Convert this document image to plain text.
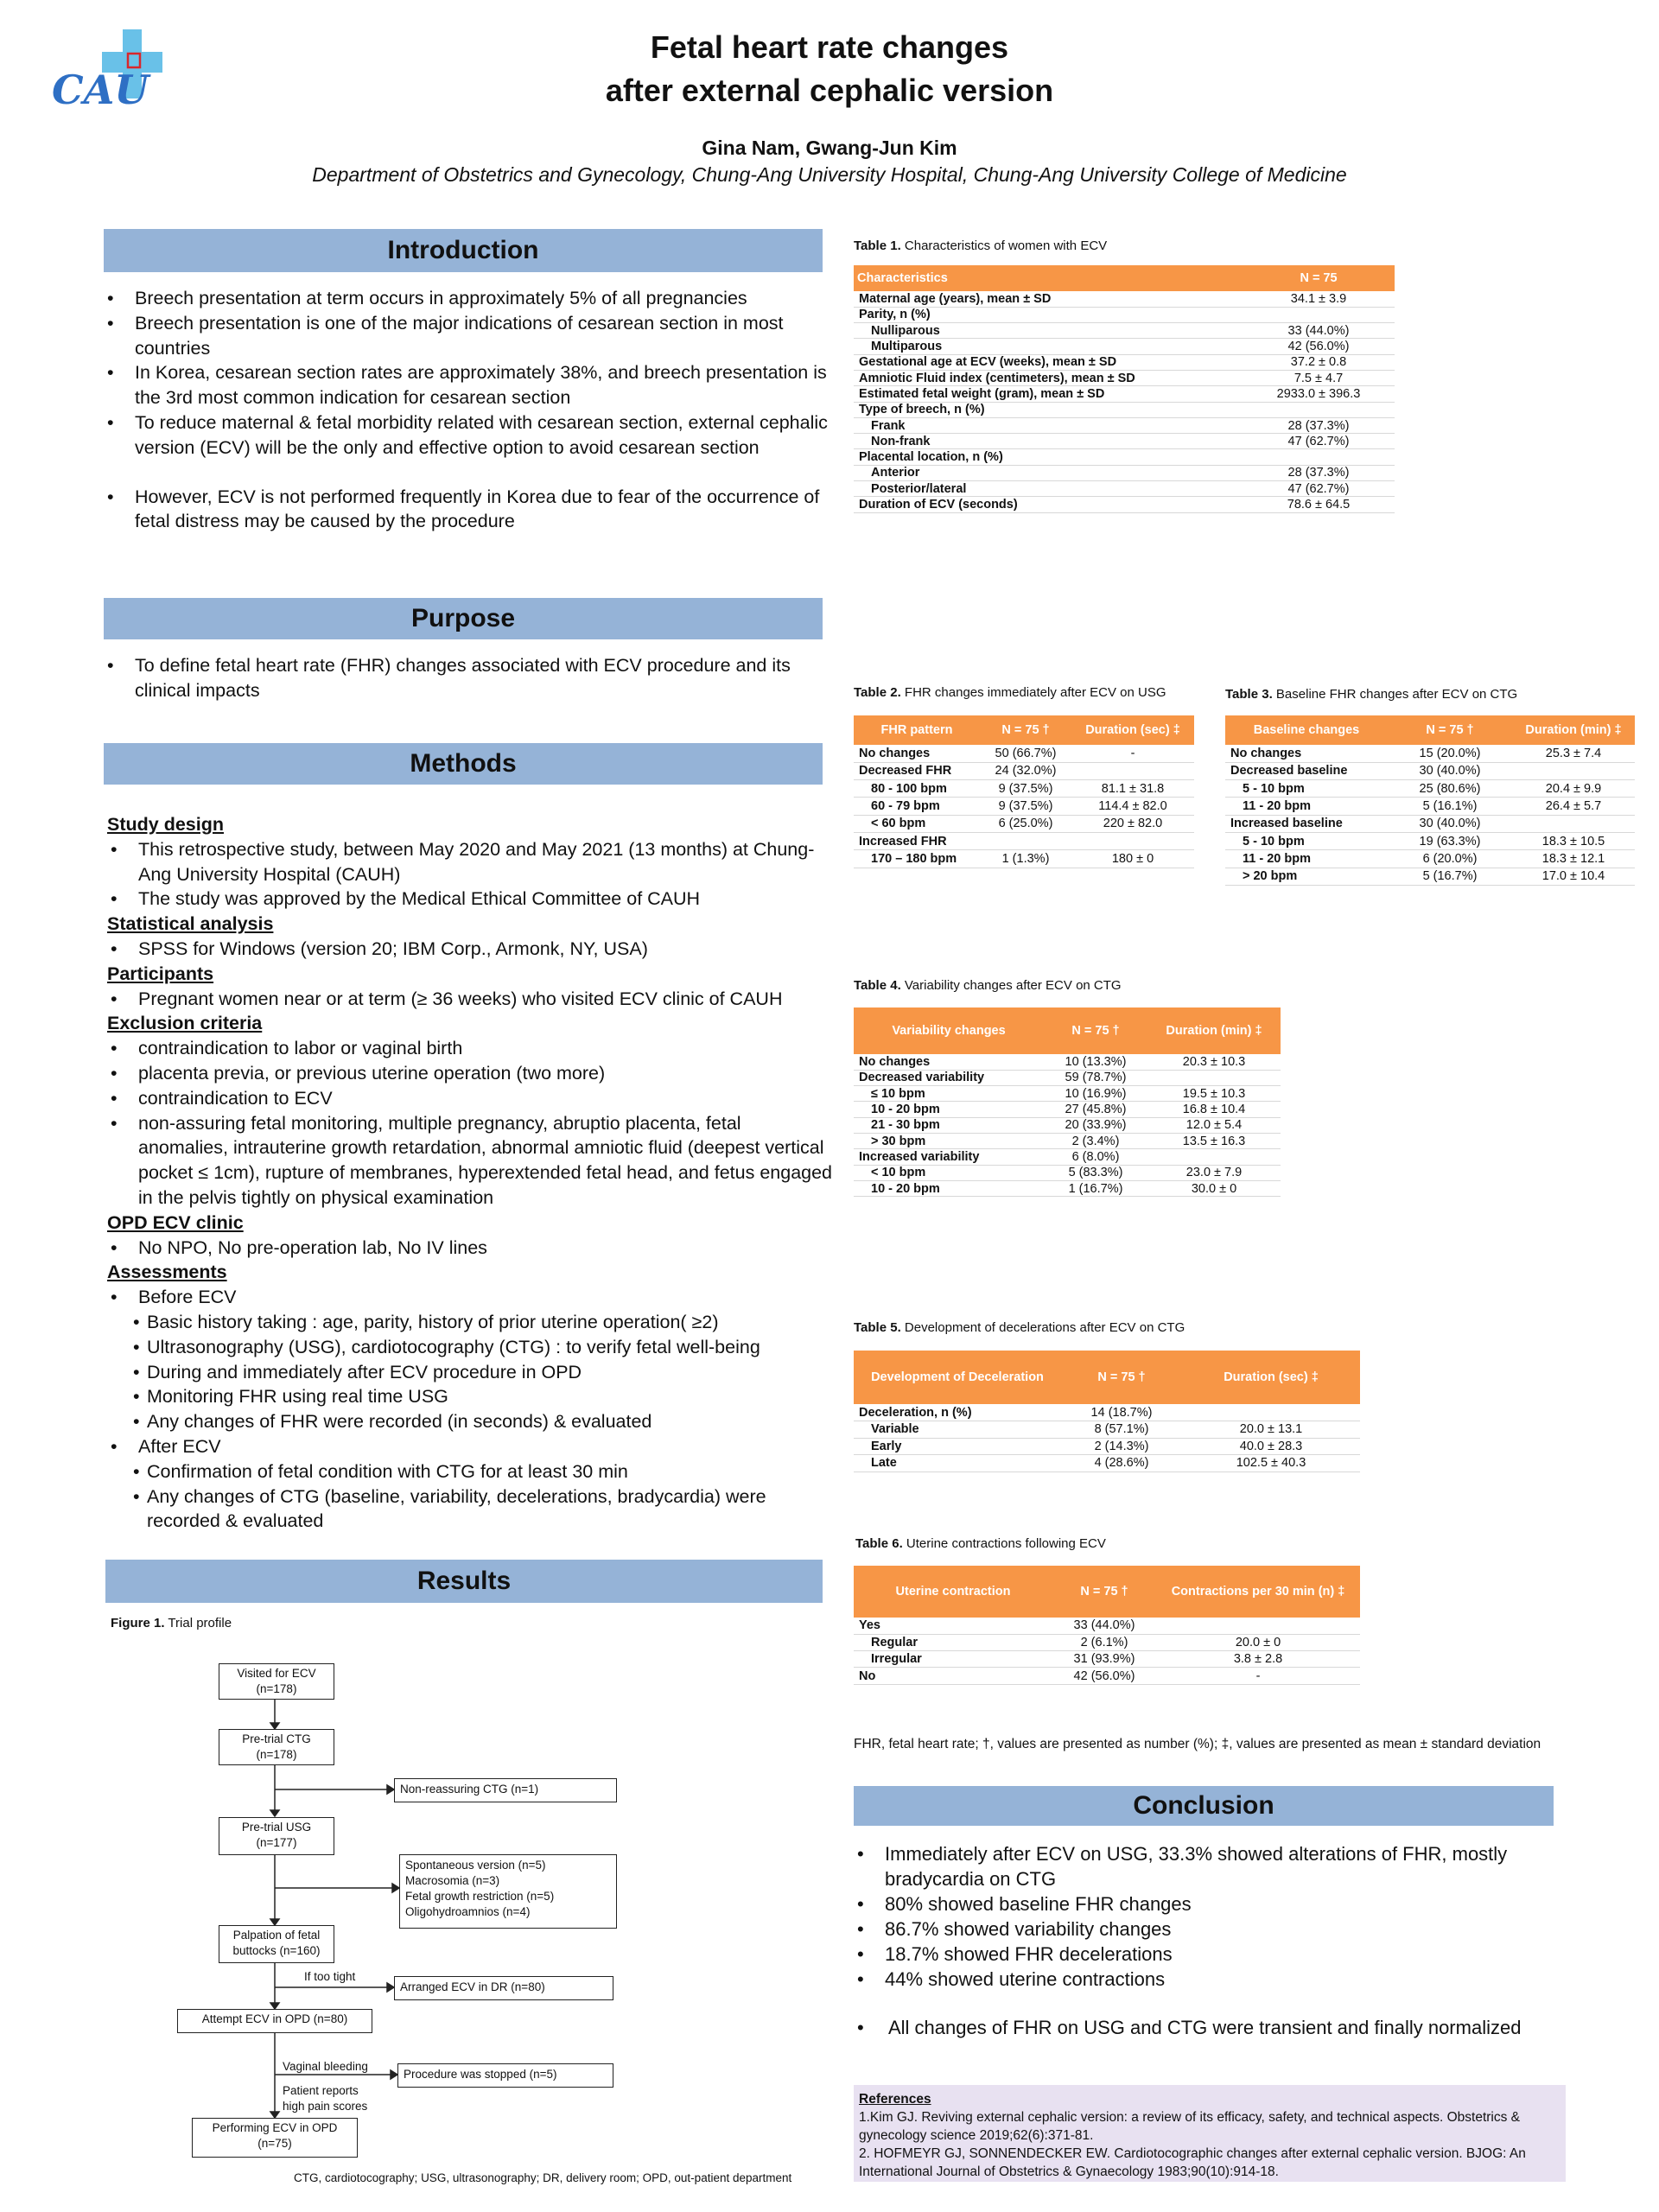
CAU
Fetal heart rate changes
after external cephalic version
Gina Nam, Gwang-Jun Kim
Department of Obstetrics and Gynecology, Chung-Ang University Hospital, Chung-Ang University College of Medicine
Introduction
• Breech presentation at term occurs in approximately 5% of all pregnancies
• Breech presentation is one of the major indications of cesarean section in most countries
• In Korea, cesarean section rates are approximately 38%, and breech presentation is the 3rd most common indication for cesarean section
• To reduce maternal & fetal morbidity related with cesarean section, external cephalic version (ECV) will be the only and effective option to avoid cesarean section
• However, ECV is not performed frequently in Korea due to fear of the occurrence of fetal distress may be caused by the procedure
Purpose
• To define fetal heart rate (FHR) changes associated with ECV procedure and its clinical impacts
Methods
Study design
• This retrospective study, between May 2020 and May 2021 (13 months) at Chung-Ang University Hospital (CAUH)
• The study was approved by the Medical Ethical Committee of CAUH
Statistical analysis
• SPSS for Windows (version 20; IBM Corp., Armonk, NY, USA)
Participants
• Pregnant women near or at term (≥ 36 weeks) who visited ECV clinic of CAUH
Exclusion criteria
• contraindication to labor or vaginal birth
• placenta previa, or previous uterine operation (two more)
• contraindication to ECV
• non-assuring fetal monitoring, multiple pregnancy, abruptio placenta, fetal anomalies, intrauterine growth retardation, abnormal amniotic fluid (deepest vertical pocket ≤ 1cm), rupture of membranes, hyperextended fetal head, and fetus engaged in the pelvis tightly on physical examination
OPD ECV clinic
• No NPO, No pre-operation lab, No IV lines
Assessments
• Before ECV
• Basic history taking : age, parity, history of prior uterine operation( ≥2)
• Ultrasonography (USG), cardiotocography (CTG) : to verify fetal well-being
• During and immediately after ECV procedure in OPD
• Monitoring FHR using real time USG
• Any changes of FHR were recorded (in seconds) & evaluated
• After ECV
• Confirmation of fetal condition with CTG for at least 30 min
• Any changes of CTG (baseline, variability, decelerations, bradycardia) were recorded & evaluated
Results
Figure 1. Trial profile
Visited for ECV
(n=178)
Pre-trial CTG
(n=178)
Non-reassuring CTG (n=1)
Pre-trial USG
(n=177)
Spontaneous version (n=5)
Macrosomia (n=3)
Fetal growth restriction (n=5)
Oligohydroamnios (n=4)
Palpation of fetal
buttocks (n=160)
If too tight
Arranged ECV in DR (n=80)
Attempt ECV in OPD (n=80)
Vaginal bleeding
Procedure was stopped (n=5)
Patient reports
high pain scores
Performing ECV in OPD
(n=75)
CTG, cardiotocography; USG, ultrasonography; DR, delivery room; OPD, out-patient department
Table 1. Characteristics of women with ECV
Characteristics	N = 75
Maternal age (years), mean ± SD	34.1 ± 3.9
Parity, n (%)	
Nulliparous	33 (44.0%)
Multiparous	42 (56.0%)
Gestational age at ECV (weeks), mean ± SD	37.2 ± 0.8
Amniotic Fluid index (centimeters), mean ± SD	7.5 ± 4.7
Estimated fetal weight (gram), mean ± SD	2933.0 ± 396.3
Type of breech, n (%)	
Frank	28 (37.3%)
Non-frank	47 (62.7%)
Placental location, n (%)	
Anterior	28 (37.3%)
Posterior/lateral	47 (62.7%)
Duration of ECV (seconds)	78.6 ± 64.5
Table 2. FHR changes immediately after ECV on USG
FHR pattern	N = 75 †	Duration (sec) ‡
No changes	50 (66.7%)	-
Decreased FHR	24 (32.0%)	
80 - 100 bpm	9 (37.5%)	81.1 ± 31.8
60 - 79 bpm	9 (37.5%)	114.4 ± 82.0
< 60 bpm	6 (25.0%)	220 ± 82.0
Increased FHR		
170 – 180 bpm	1 (1.3%)	180 ± 0
Table 3. Baseline FHR changes after ECV on CTG
Baseline changes	N = 75 †	Duration (min) ‡
No changes	15 (20.0%)	25.3 ± 7.4
Decreased baseline	30 (40.0%)	
5 - 10 bpm	25 (80.6%)	20.4 ± 9.9
11 - 20 bpm	5 (16.1%)	26.4 ± 5.7
Increased baseline	30 (40.0%)	
5 - 10 bpm	19 (63.3%)	18.3 ± 10.5
11 - 20 bpm	6 (20.0%)	18.3 ± 12.1
> 20 bpm	5 (16.7%)	17.0 ± 10.4
Table 4. Variability changes after ECV on CTG
Variability changes	N = 75 †	Duration (min) ‡
No changes	10 (13.3%)	20.3 ± 10.3
Decreased variability	59 (78.7%)	
≤ 10 bpm	10 (16.9%)	19.5 ± 10.3
10 - 20 bpm	27 (45.8%)	16.8 ± 10.4
21 - 30 bpm	20 (33.9%)	12.0 ± 5.4
> 30 bpm	2 (3.4%)	13.5 ± 16.3
Increased variability	6 (8.0%)	
< 10 bpm	5 (83.3%)	23.0 ± 7.9
10 - 20 bpm	1 (16.7%)	30.0 ± 0
Table 5. Development of decelerations after ECV on CTG
Development of Deceleration	N = 75 †	Duration (sec) ‡
Deceleration, n (%)	14 (18.7%)	
Variable	8 (57.1%)	20.0 ± 13.1
Early	2 (14.3%)	40.0 ± 28.3
Late	4 (28.6%)	102.5 ± 40.3
Table 6. Uterine contractions following ECV
Uterine contraction	N = 75 †	Contractions per 30 min (n) ‡
Yes	33 (44.0%)	
Regular	2 (6.1%)	20.0 ± 0
Irregular	31 (93.9%)	3.8 ± 2.8
No	42 (56.0%)	-
FHR, fetal heart rate; †, values are presented as number (%); ‡, values are presented as mean ± standard deviation
Conclusion
• Immediately after ECV on USG, 33.3% showed alterations of FHR, mostly bradycardia on CTG
• 80% showed baseline FHR changes
• 86.7% showed variability changes
• 18.7% showed FHR decelerations
• 44% showed uterine contractions
• All changes of FHR on USG and CTG were transient and finally normalized
References
1.Kim GJ. Reviving external cephalic version: a review of its efficacy, safety, and technical aspects. Obstetrics & gynecology science 2019;62(6):371-81.
2. HOFMEYR GJ, SONNENDECKER EW. Cardiotocographic changes after external cephalic version. BJOG: An International Journal of Obstetrics & Gynaecology 1983;90(10):914-18.
